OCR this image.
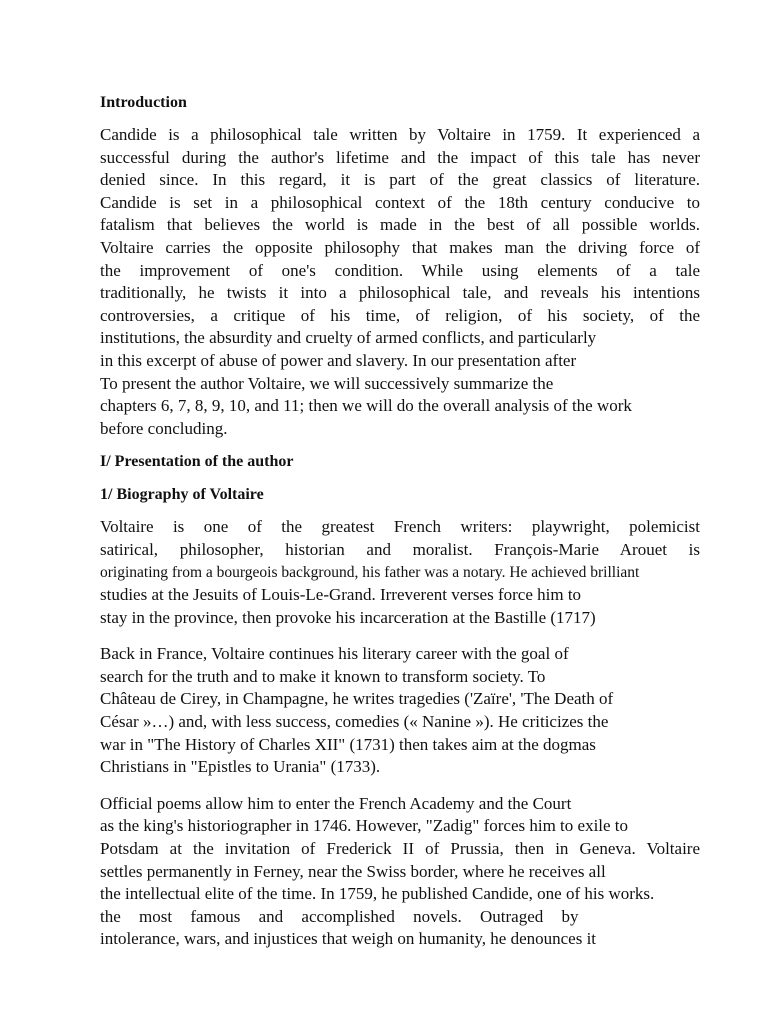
Introduction

Candide is a philosophical tale written by Voltaire in 1759. It experienced a
successful during the author's lifetime and the impact of this tale has never
denied since. In this regard, it is part of the great classics of literature.
Candide is set in a philosophical context of the 18th century conducive to
fatalism that believes the world is made in the best of all possible worlds.
Voltaire carries the opposite philosophy that makes man the driving force of
the improvement of one's condition. While using elements of a tale
traditionally, he twists it into a philosophical tale, and reveals his intentions
controversies, a critique of his time, of religion, of his society, of the
institutions, the absurdity and cruelty of armed conflicts, and particularly
in this excerpt of abuse of power and slavery. In our presentation after
To present the author Voltaire, we will successively summarize the
chapters 6, 7, 8, 9, 10, and 11; then we will do the overall analysis of the work
before concluding.

I/ Presentation of the author

1/ Biography of Voltaire

Voltaire is one of the greatest French writers: playwright, polemicist
satirical, philosopher, historian and moralist. François-Marie Arouet is
originating from a bourgeois background, his father was a notary. He achieved brilliant
studies at the Jesuits of Louis-Le-Grand. Irreverent verses force him to
stay in the province, then provoke his incarceration at the Bastille (1717)
Back in France, Voltaire continues his literary career with the goal of
search for the truth and to make it known to transform society. To
Château de Cirey, in Champagne, he writes tragedies ('Zaïre', 'The Death of
César »…) and, with less success, comedies (« Nanine »). He criticizes the
war in "The History of Charles XII" (1731) then takes aim at the dogmas
Christians in "Epistles to Urania" (1733).
Official poems allow him to enter the French Academy and the Court
as the king's historiographer in 1746. However, "Zadig" forces him to exile to
Potsdam at the invitation of Frederick II of Prussia, then in Geneva. Voltaire
settles permanently in Ferney, near the Swiss border, where he receives all
the intellectual elite of the time. In 1759, he published Candide, one of his works.
the most famous and accomplished novels. Outraged by
intolerance, wars, and injustices that weigh on humanity, he denounces it
